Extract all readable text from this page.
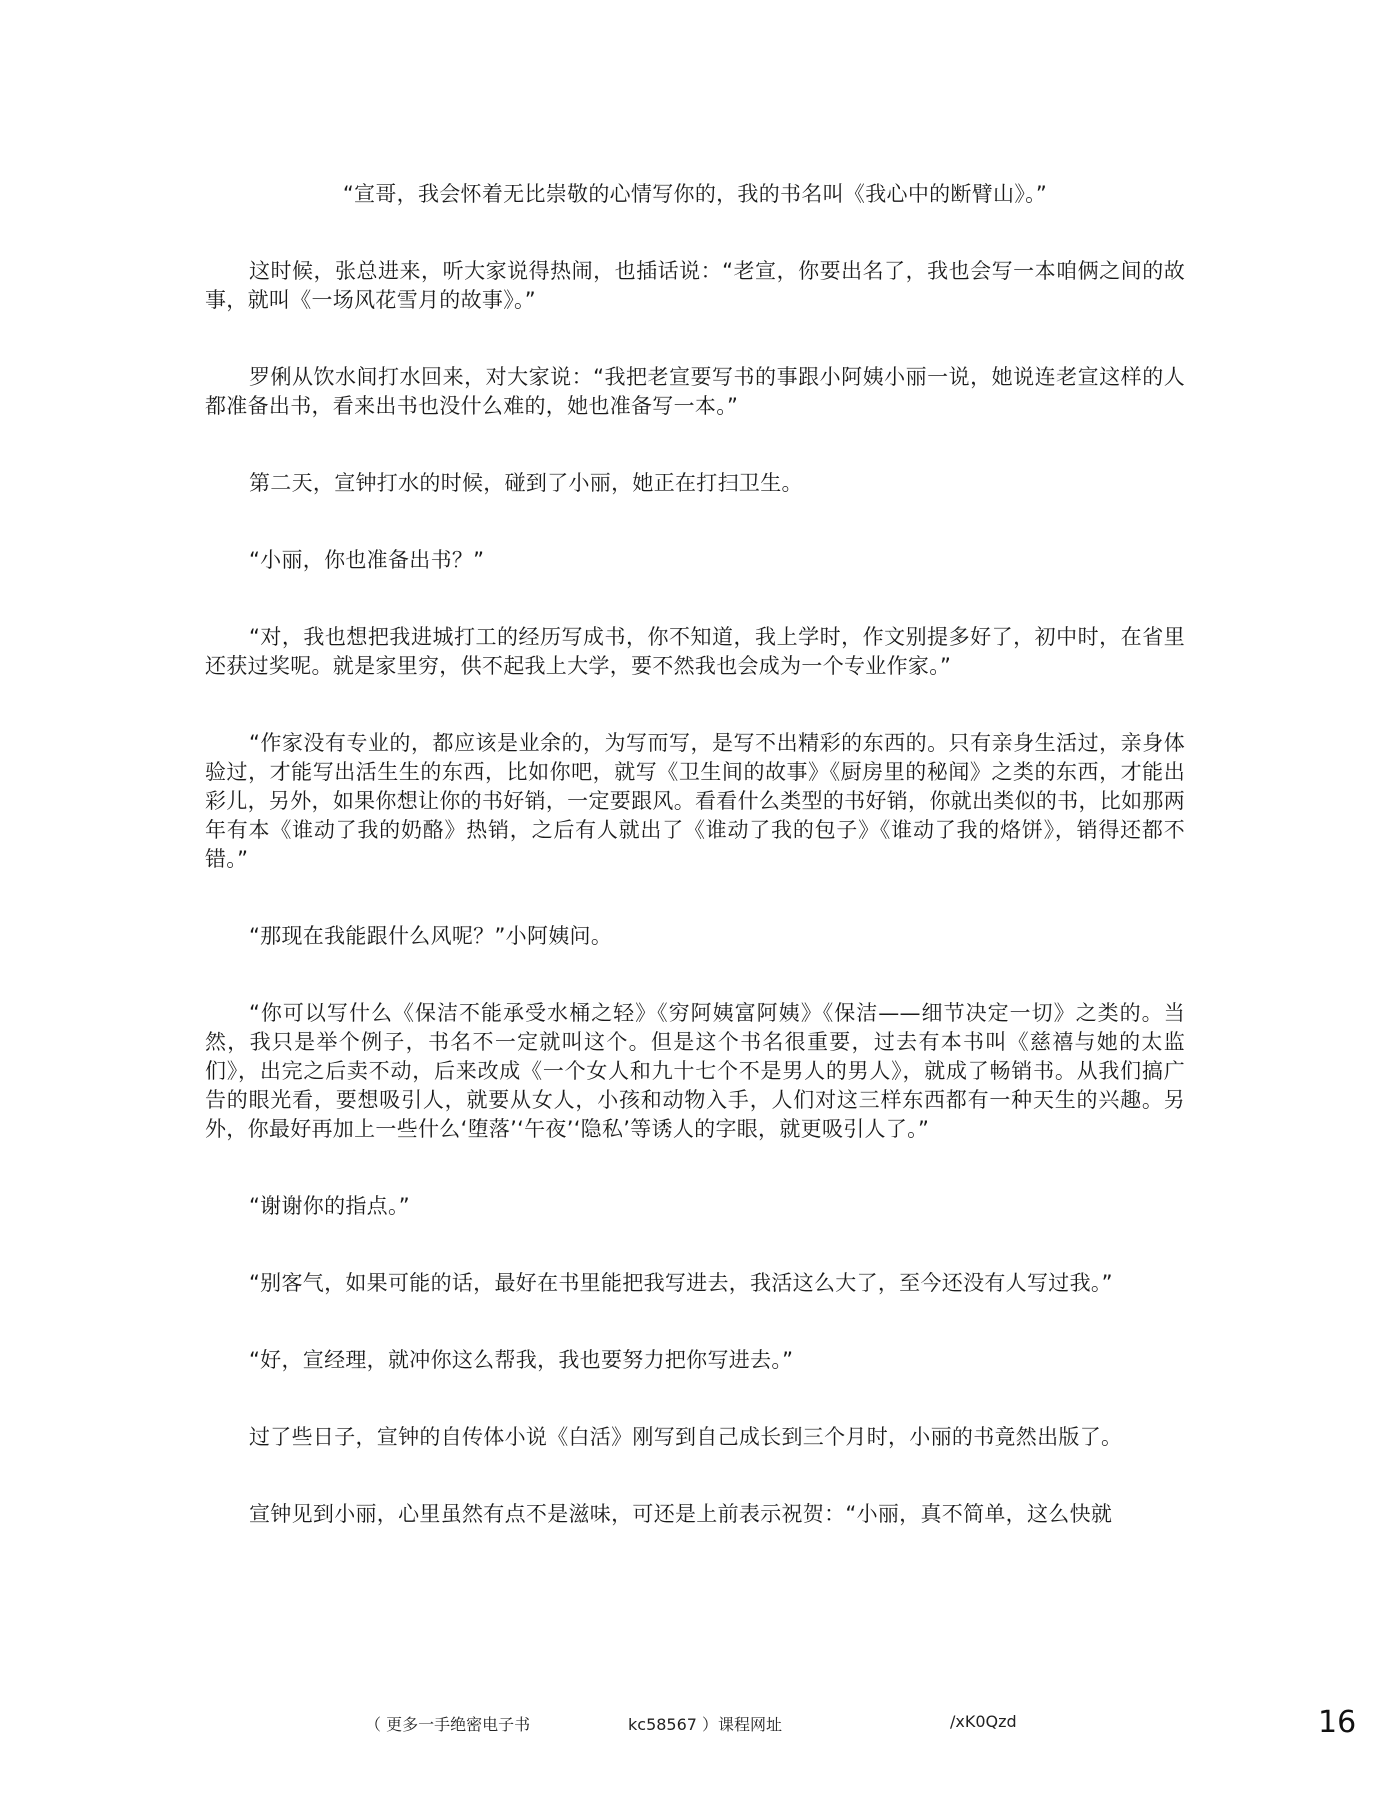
“宣哥，我会怀着无比崇敬的心情写你的，我的书名叫《我心中的断臂山》。”

这时候，张总进来，听大家说得热闹，也插话说：“老宣，你要出名了，我也会写一本咱俩之间的故事，就叫《一场风花雪月的故事》。”

罗俐从饮水间打水回来，对大家说：“我把老宣要写书的事跟小阿姨小丽一说，她说连老宣这样的人都准备出书，看来出书也没什么难的，她也准备写一本。”

第二天，宣钟打水的时候，碰到了小丽，她正在打扫卫生。

“小丽，你也准备出书？”

“对，我也想把我进城打工的经历写成书，你不知道，我上学时，作文别提多好了，初中时，在省里还获过奖呢。就是家里穷，供不起我上大学，要不然我也会成为一个专业作家。”

“作家没有专业的，都应该是业余的，为写而写，是写不出精彩的东西的。只有亲身生活过，亲身体验过，才能写出活生生的东西，比如你吧，就写《卫生间的故事》《厨房里的秘闻》之类的东西，才能出彩儿，另外，如果你想让你的书好销，一定要跟风。看看什么类型的书好销，你就出类似的书，比如那两年有本《谁动了我的奶酪》热销，之后有人就出了《谁动了我的包子》《谁动了我的烙饼》，销得还都不错。”

“那现在我能跟什么风呢？”小阿姨问。

“你可以写什么《保洁不能承受水桶之轻》《穷阿姨富阿姨》《保洁——细节决定一切》之类的。当然，我只是举个例子，书名不一定就叫这个。但是这个书名很重要，过去有本书叫《慈禧与她的太监们》，出完之后卖不动，后来改成《一个女人和九十七个不是男人的男人》，就成了畅销书。从我们搞广告的眼光看，要想吸引人，就要从女人，小孩和动物入手，人们对这三样东西都有一种天生的兴趣。另外，你最好再加上一些什么‘堕落’‘午夜’‘隐私’等诱人的字眼，就更吸引人了。”

“谢谢你的指点。”

“别客气，如果可能的话，最好在书里能把我写进去，我活这么大了，至今还没有人写过我。”

“好，宣经理，就冲你这么帮我，我也要努力把你写进去。”

过了些日子，宣钟的自传体小说《白活》刚写到自己成长到三个月时，小丽的书竟然出版了。

宣钟见到小丽，心里虽然有点不是滋味，可还是上前表示祝贺：“小丽，真不简单，这么快就

（ 更多一手绝密电子书	kc58567 ）课程网址	/xK0Qzd	16
